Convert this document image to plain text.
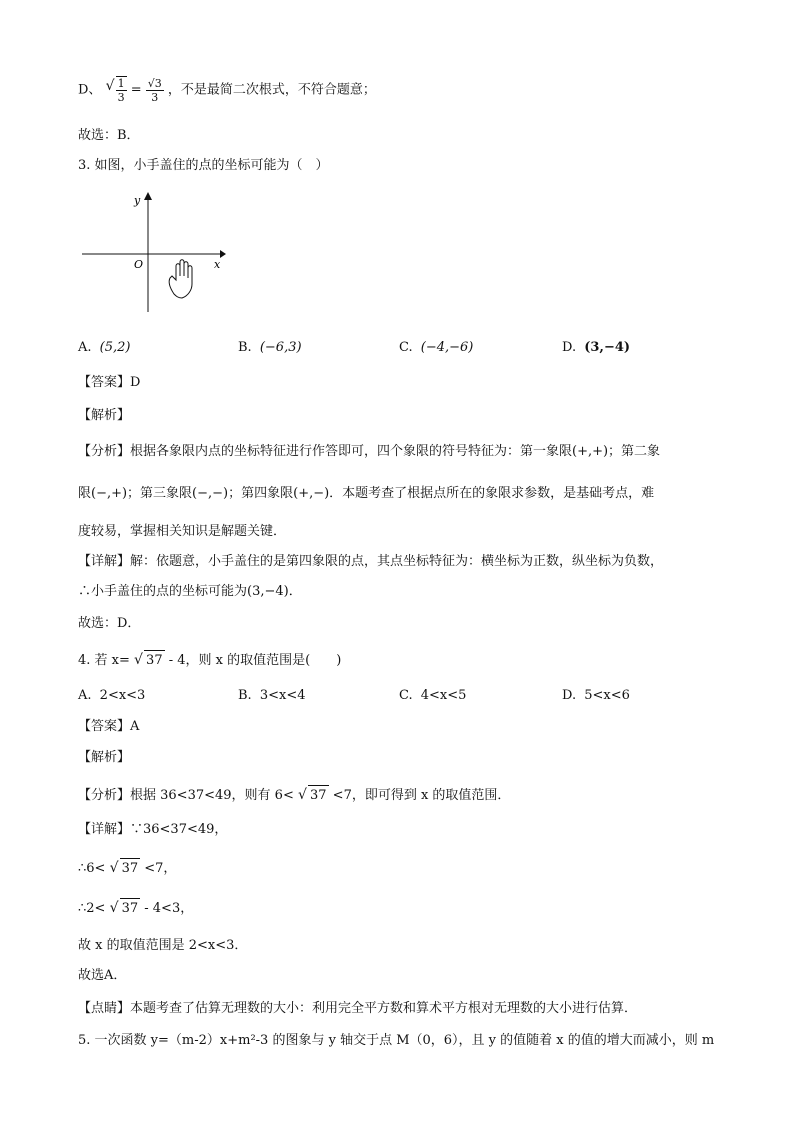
D、 √ $\frac{1}{3} = \frac{√3}{3}$ ，不是最简二次根式，不符合题意；
故选：B．
3. 如图，小手盖住的点的坐标可能为（　）
y
x
O
A. (5,2)	B. (−6,3)	C. (−4,−6)	D. (3,−4)
【答案】D
【解析】
【分析】根据各象限内点的坐标特征进行作答即可，四个象限的符号特征为：第一象限(+,+)；第二象
限(−,+)；第三象限(−,−)；第四象限(+,−)．本题考查了根据点所在的象限求参数，是基础考点，难
度较易，掌握相关知识是解题关键．
【详解】解：依题意，小手盖住的是第四象限的点，其点坐标特征为：横坐标为正数，纵坐标为负数，
∴小手盖住的点的坐标可能为(3,−4)．
故选：D．
4. 若 x= √ 37 - 4，则 x 的取值范围是(　　)
A. 2<x<3	B. 3<x<4	C. 4<x<5	D. 5<x<6
【答案】A
【解析】
【分析】根据 36<37<49，则有 6< √ 37 <7，即可得到 x 的取值范围．
【详解】∵36<37<49，
∴6< √ 37 <7，
∴2< √ 37 - 4<3，
故 x 的取值范围是 2<x<3．
故选A．
【点睛】本题考查了估算无理数的大小：利用完全平方数和算术平方根对无理数的大小进行估算．
5. 一次函数 y=（m-2）x+m²-3 的图象与 y 轴交于点 M（0，6），且 y 的值随着 x 的值的增大而减小，则 m
